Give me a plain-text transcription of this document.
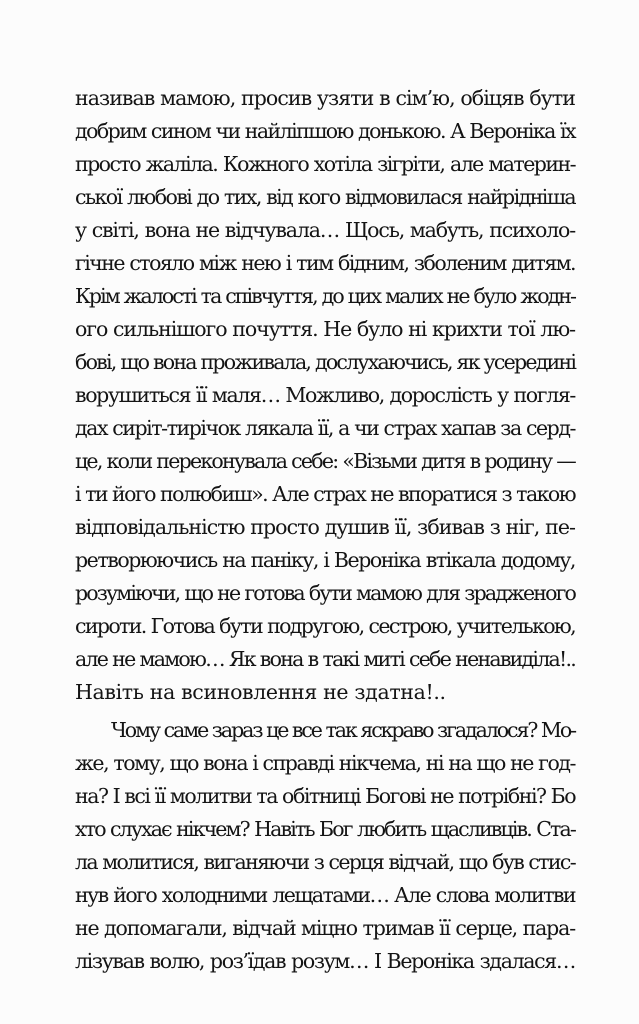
називав мамою, просив узяти в сім’ю, обіцяв бути
добрим сином чи найліпшою донькою. А Вероніка їх
просто жаліла. Кожного хотіла зігріти, але материн-
ської любові до тих, від кого відмовилася найрідніша
у світі, вона не відчувала… Щось, мабуть, психоло-
гічне стояло між нею і тим бідним, зболеним дитям.
Крім жалості та співчуття, до цих малих не було жодн-
ого сильнішого почуття. Не було ні крихти тої лю-
бові, що вона проживала, дослухаючись, як усередині
ворушиться її маля… Можливо, дорослість у погля-
дах сиріт-тирічок лякала її, а чи страх хапав за серд-
це, коли переконувала себе: «Візьми дитя в родину —
і ти його полюбиш». Але страх не впоратися з такою
відповідальністю просто душив її, збивав з ніг, пе-
ретворюючись на паніку, і Вероніка втікала додому,
розуміючи, що не готова бути мамою для зрадженого
сироти. Готова бути подругою, сестрою, учителькою,
але не мамою… Як вона в такі миті себе ненавиділа!..
Навіть на всиновлення не здатна!..
Чому саме зараз це все так яскраво згадалося? Мо-
же, тому, що вона і справді нікчема, ні на що не год-
на? І всі її молитви та обітниці Богові не потрібні? Бо
хто слухає нікчем? Навіть Бог любить щасливців. Ста-
ла молитися, виганяючи з серця відчай, що був стис-
нув його холодними лещатами… Але слова молитви
не допомагали, відчай міцно тримав її серце, пара-
лізував волю, роз’їдав розум… І Вероніка здалася…
